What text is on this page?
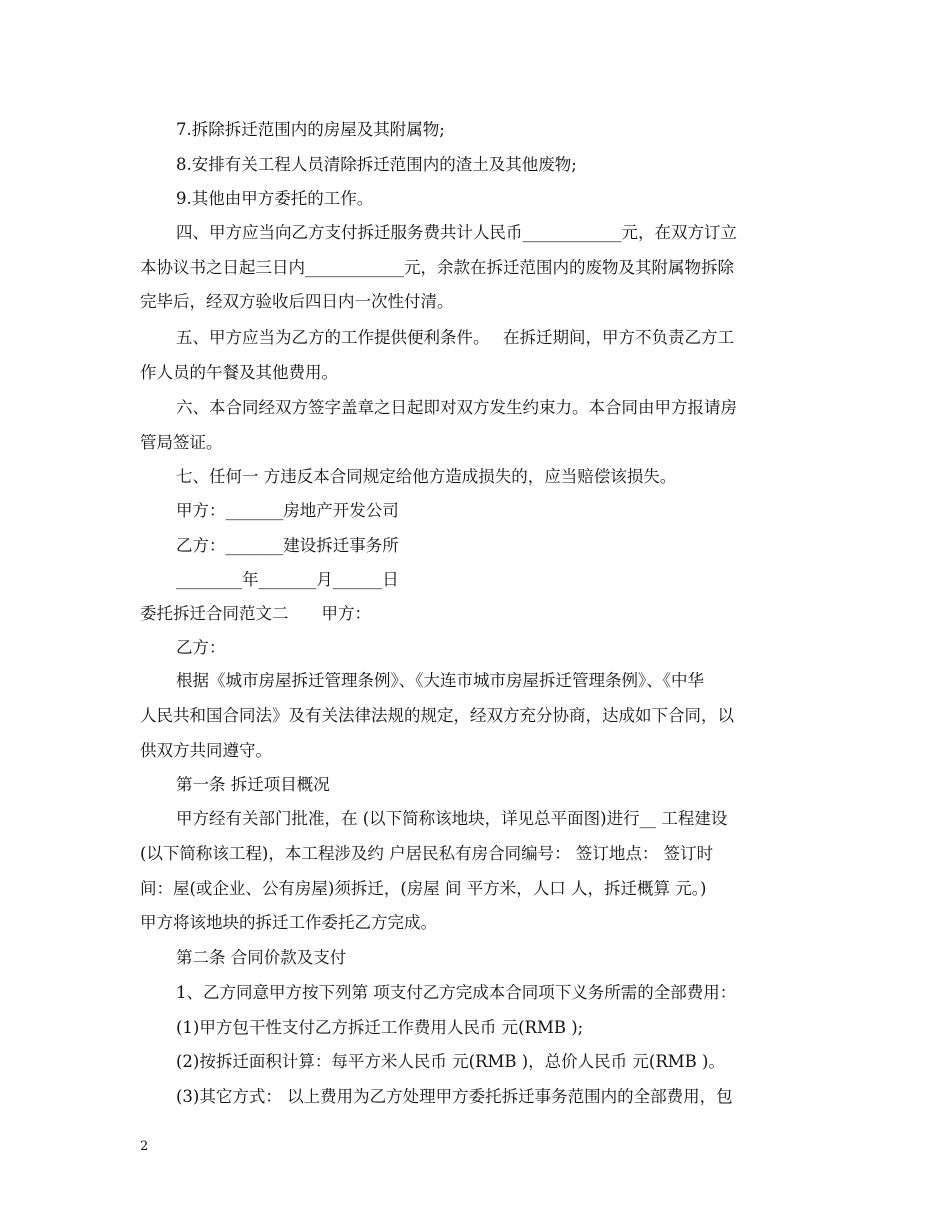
7.拆除拆迁范围内的房屋及其附属物;
8.安排有关工程人员清除拆迁范围内的渣土及其他废物;
9.其他由甲方委托的工作。
四、甲方应当向乙方支付拆迁服务费共计人民币____________元，在双方订立
本协议书之日起三日内____________元，余款在拆迁范围内的废物及其附属物拆除
完毕后，经双方验收后四日内一次性付清。
五、甲方应当为乙方的工作提供便利条件。　 在拆迁期间，甲方不负责乙方工
作人员的午餐及其他费用。
六、本合同经双方签字盖章之日起即对双方发生约束力。本合同由甲方报请房
管局签证。
七、任何一 方违反本合同规定给他方造成损失的，应当赔偿该损失。
甲方：_______房地产开发公司
乙方：_______建设拆迁事务所
________年_______月______日
委托拆迁合同范文二　　甲方：
乙方：
根据《城市房屋拆迁管理条例》、《大连市城市房屋拆迁管理条例》、《中华
人民共和国合同法》及有关法律法规的规定，经双方充分协商，达成如下合同，以
供双方共同遵守。
第一条 拆迁项目概况
甲方经有关部门批准，在 (以下简称该地块，详见总平面图)进行__ 工程建设
(以下简称该工程)，本工程涉及约 户居民私有房合同编号： 签订地点： 签订时
间：屋(或企业、公有房屋)须拆迁，(房屋 间 平方米，人口 人，拆迁概算 元。)
甲方将该地块的拆迁工作委托乙方完成。
第二条 合同价款及支付
1、乙方同意甲方按下列第 项支付乙方完成本合同项下义务所需的全部费用：
(1)甲方包干性支付乙方拆迁工作费用人民币 元(RMB );
(2)按拆迁面积计算：每平方米人民币 元(RMB )，总价人民币 元(RMB )。
(3)其它方式： 以上费用为乙方处理甲方委托拆迁事务范围内的全部费用，包
2
